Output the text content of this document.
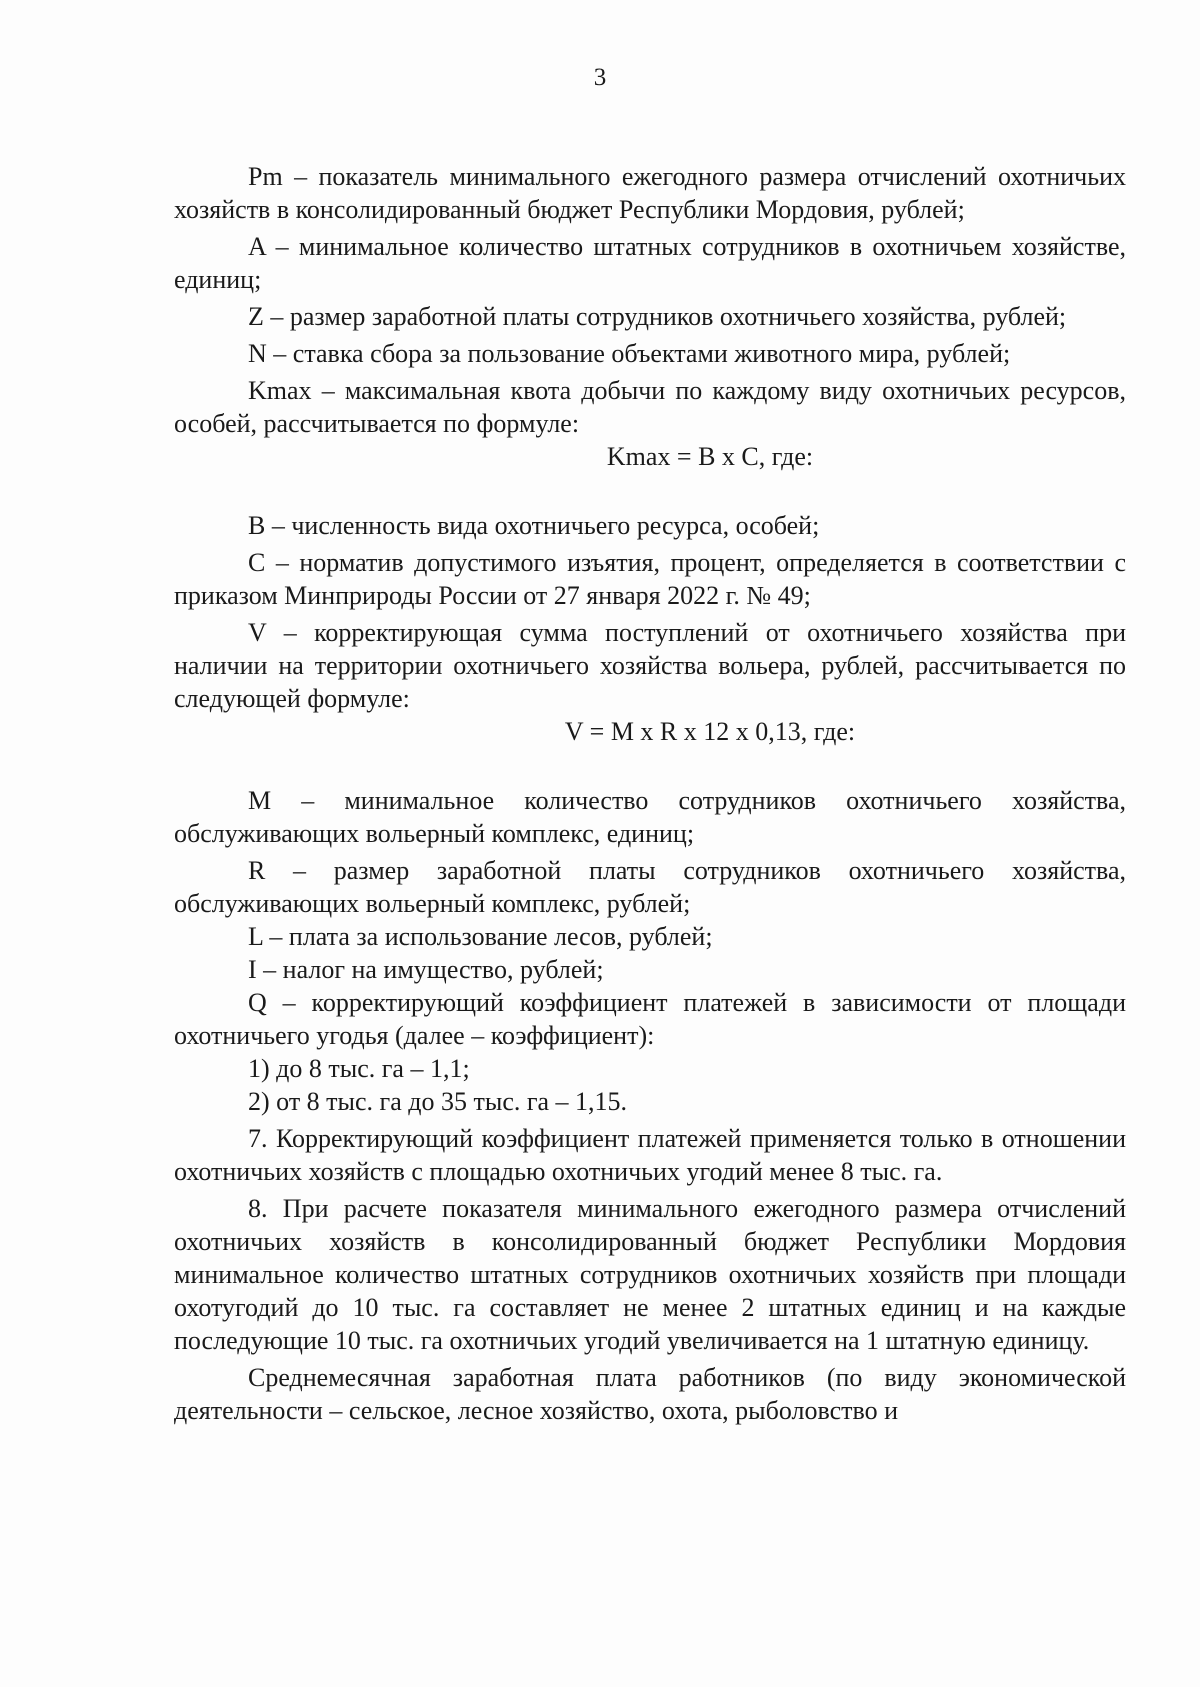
3

Pm – показатель минимального ежегодного размера отчислений охотничьих хозяйств в консолидированный бюджет Республики Мордовия, рублей;

A – минимальное количество штатных сотрудников в охотничьем хозяйстве, единиц;

Z – размер заработной платы сотрудников охотничьего хозяйства, рублей;

N – ставка сбора за пользование объектами животного мира, рублей;

Kmax – максимальная квота добычи по каждому виду охотничьих ресурсов, особей, рассчитывается по формуле:

Kmax = B x C, где:

B – численность вида охотничьего ресурса, особей;

C – норматив допустимого изъятия, процент, определяется в соответствии с приказом Минприроды России от 27 января 2022 г. № 49;

V – корректирующая сумма поступлений от охотничьего хозяйства при наличии на территории охотничьего хозяйства вольера, рублей, рассчитывается по следующей формуле:

V = M x R x 12 x 0,13, где:

M – минимальное количество сотрудников охотничьего хозяйства, обслуживающих вольерный комплекс, единиц;

R – размер заработной платы сотрудников охотничьего хозяйства, обслуживающих вольерный комплекс, рублей;

L – плата за использование лесов, рублей;

I – налог на имущество, рублей;

Q – корректирующий коэффициент платежей в зависимости от площади охотничьего угодья (далее – коэффициент):

1) до 8 тыс. га – 1,1;

2) от 8 тыс. га до 35 тыс. га – 1,15.

7. Корректирующий коэффициент платежей применяется только в отношении охотничьих хозяйств с площадью охотничьих угодий менее 8 тыс. га.

8. При расчете показателя минимального ежегодного размера отчислений охотничьих хозяйств в консолидированный бюджет Республики Мордовия минимальное количество штатных сотрудников охотничьих хозяйств при площади охотугодий до 10 тыс. га составляет не менее 2 штатных единиц и на каждые последующие 10 тыс. га охотничьих угодий увеличивается на 1 штатную единицу.

Среднемесячная заработная плата работников (по виду экономической деятельности – сельское, лесное хозяйство, охота, рыболовство и
